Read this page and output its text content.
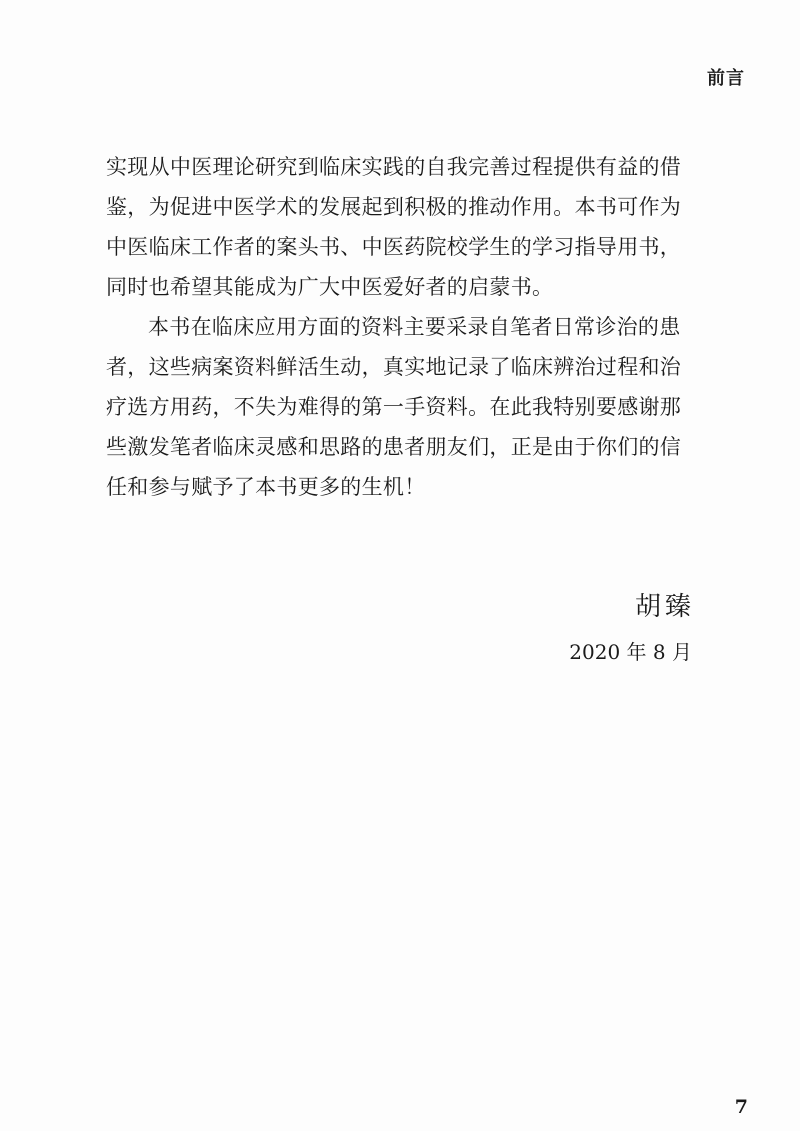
前言
实现从中医理论研究到临床实践的自我完善过程提供有益的借
鉴，为促进中医学术的发展起到积极的推动作用。本书可作为
中医临床工作者的案头书、中医药院校学生的学习指导用书，
同时也希望其能成为广大中医爱好者的启蒙书。
本书在临床应用方面的资料主要采录自笔者日常诊治的患
者，这些病案资料鲜活生动，真实地记录了临床辨治过程和治
疗选方用药，不失为难得的第一手资料。在此我特别要感谢那
些激发笔者临床灵感和思路的患者朋友们，正是由于你们的信
任和参与赋予了本书更多的生机！
胡臻
2020 年 8 月
7
